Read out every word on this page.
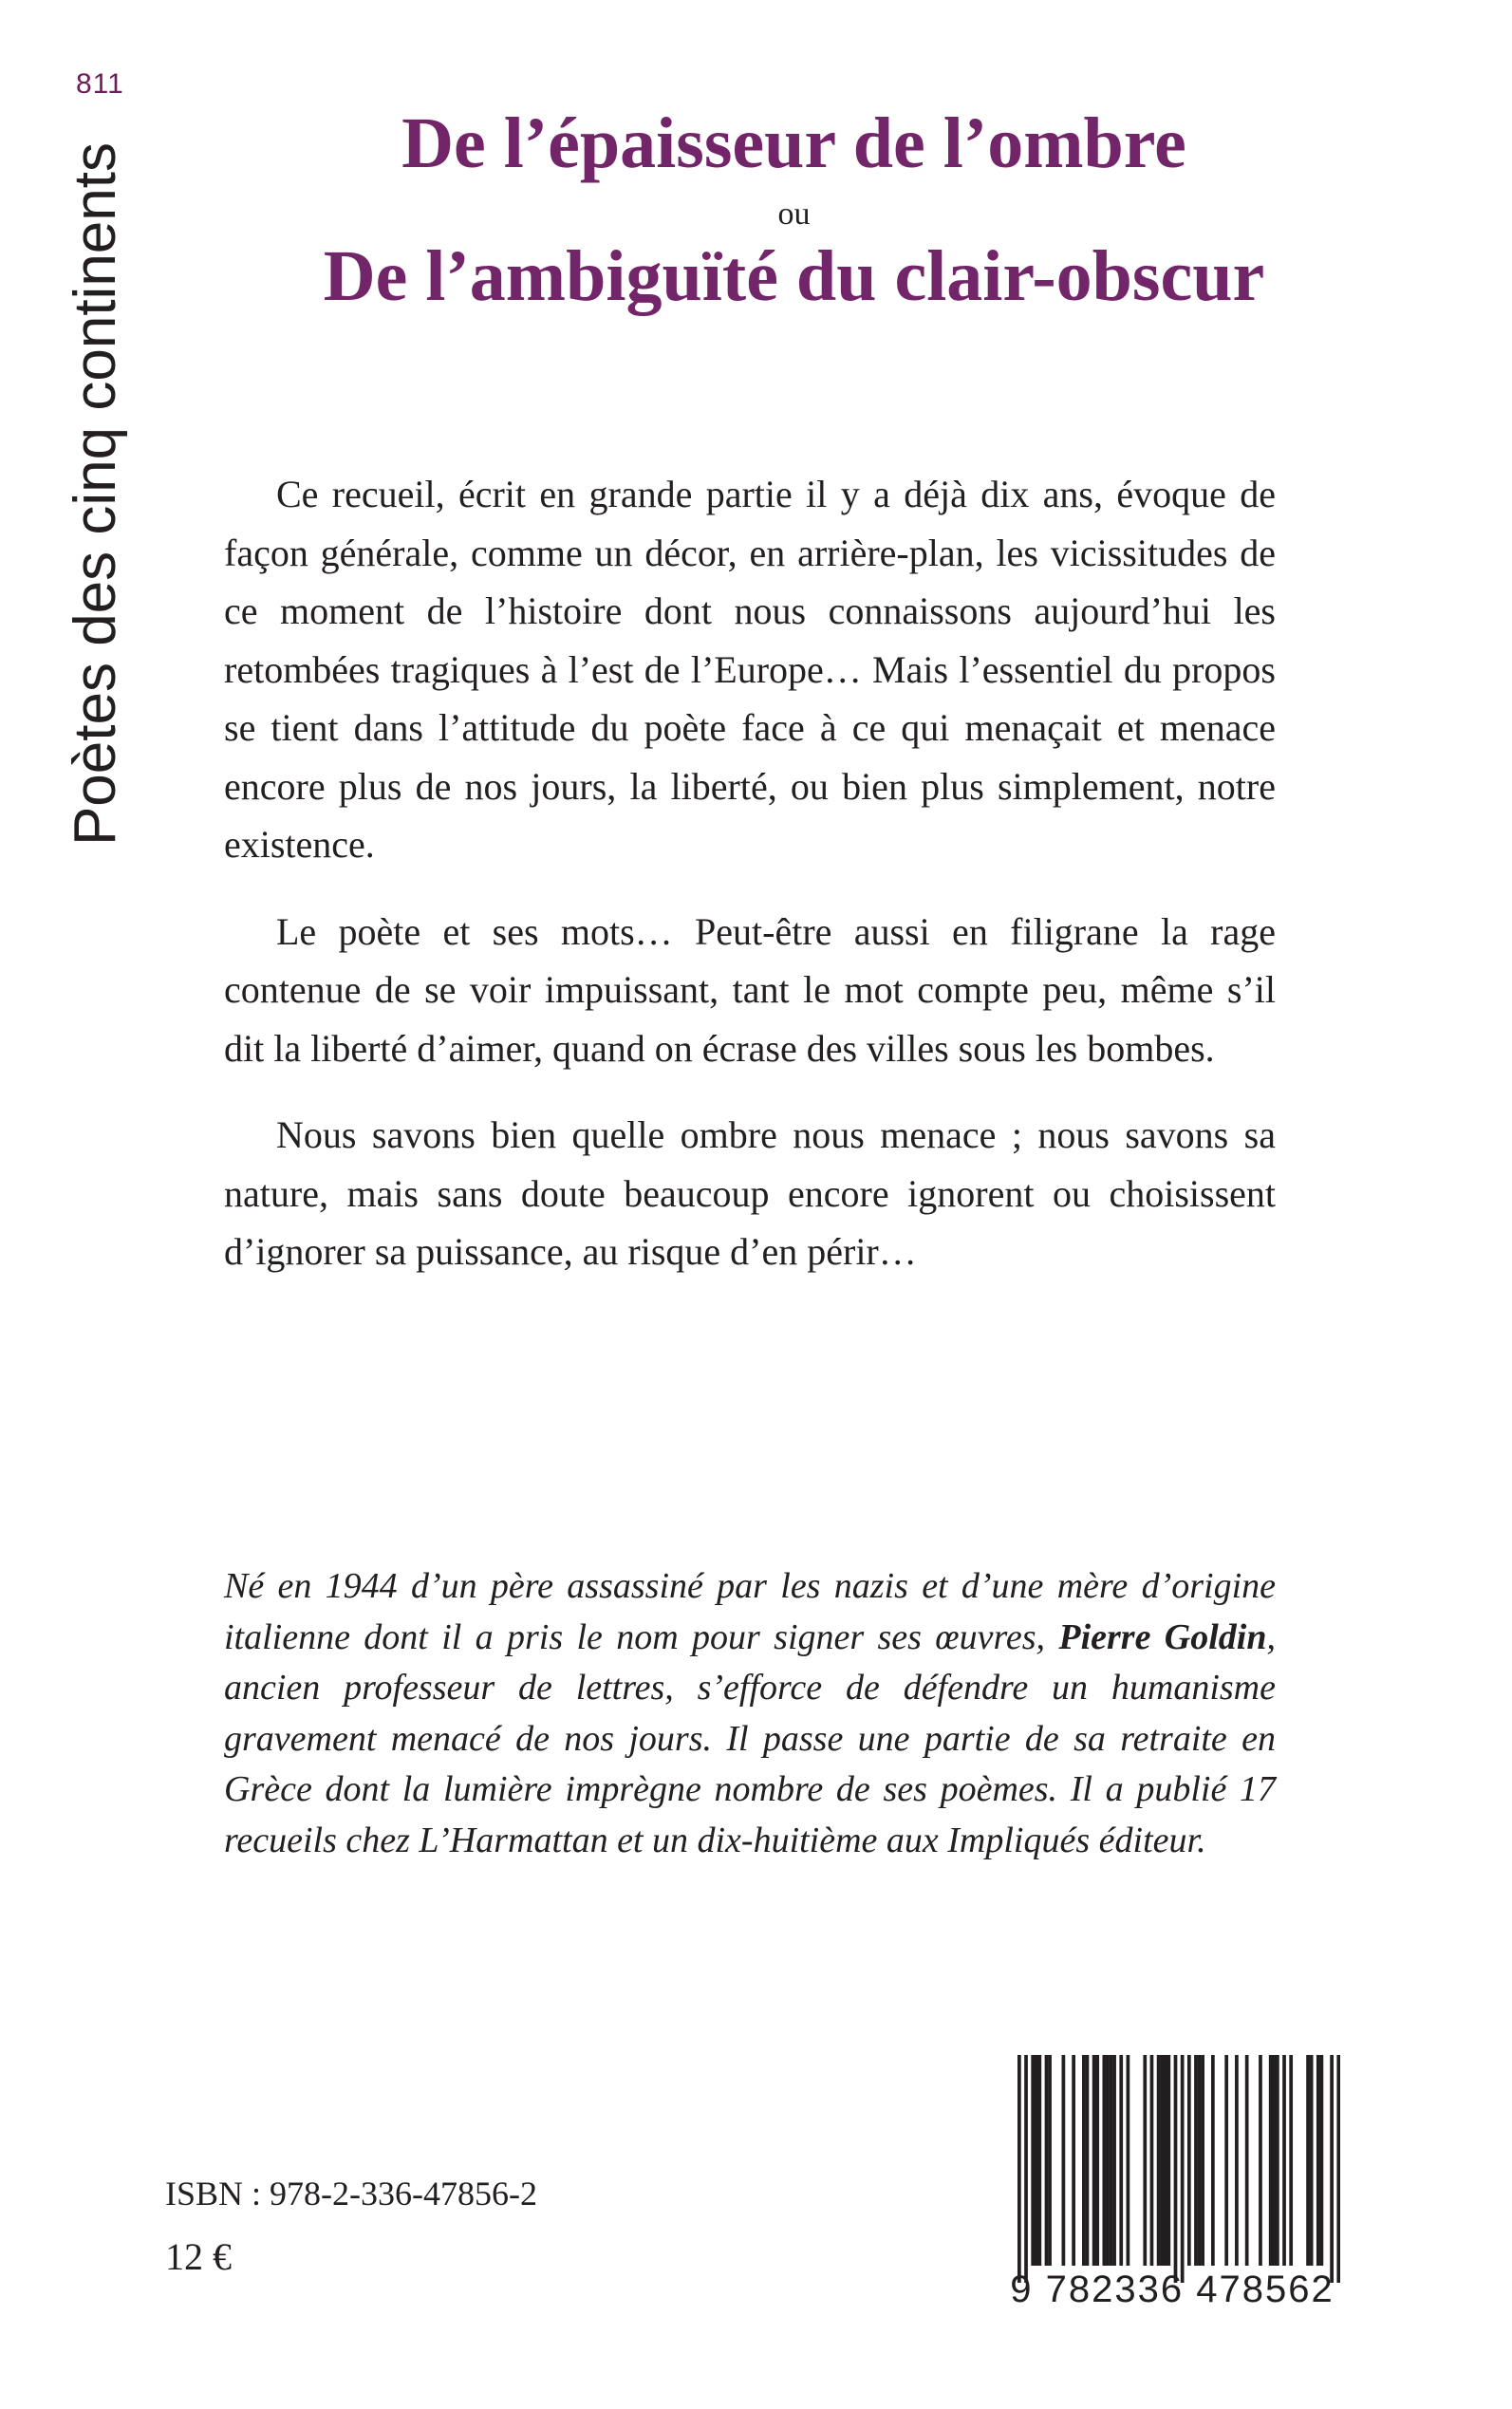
811
Poètes des cinq continents	De l’épaisseur de l’ombre
ou
De l’ambiguïté du clair-obscur

Ce recueil, écrit en grande partie il y a déjà dix ans, évoque de façon générale, comme un décor, en arrière-plan, les vicissitudes de ce moment de l’histoire dont nous connaissons aujourd’hui les retombées tragiques à l’est de l’Europe… Mais l’essentiel du propos se tient dans l’attitude du poète face à ce qui menaçait et menace encore plus de nos jours, la liberté, ou bien plus simplement, notre existence.

Le poète et ses mots… Peut-être aussi en filigrane la rage contenue de se voir impuissant, tant le mot compte peu, même s’il dit la liberté d’aimer, quand on écrase des villes sous les bombes.

Nous savons bien quelle ombre nous menace ; nous savons sa nature, mais sans doute beaucoup encore ignorent ou choisissent d’ignorer sa puissance, au risque d’en périr…

Né en 1944 d’un père assassiné par les nazis et d’une mère d’origine italienne dont il a pris le nom pour signer ses œuvres, Pierre Goldin, ancien professeur de lettres, s’efforce de défendre un humanisme gravement menacé de nos jours. Il passe une partie de sa retraite en Grèce dont la lumière imprègne nombre de ses poèmes. Il a publié 17 recueils chez L’Harmattan et un dix-huitième aux Impliqués éditeur.

ISBN : 978-2-336-47856-2
12 €
9 782336 478562
